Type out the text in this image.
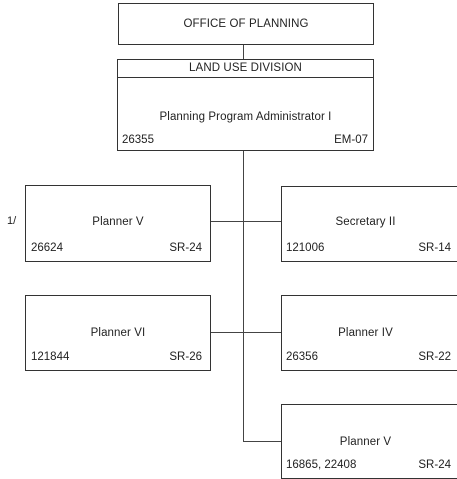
OFFICE OF PLANNING
LAND USE DIVISION
Planning Program Administrator I
26355	EM-07
1/	Planner V
26624	SR-24
Secretary II
121006	SR-14
Planner VI
121844	SR-26
Planner IV
26356	SR-22
Planner V
16865, 22408	SR-24
